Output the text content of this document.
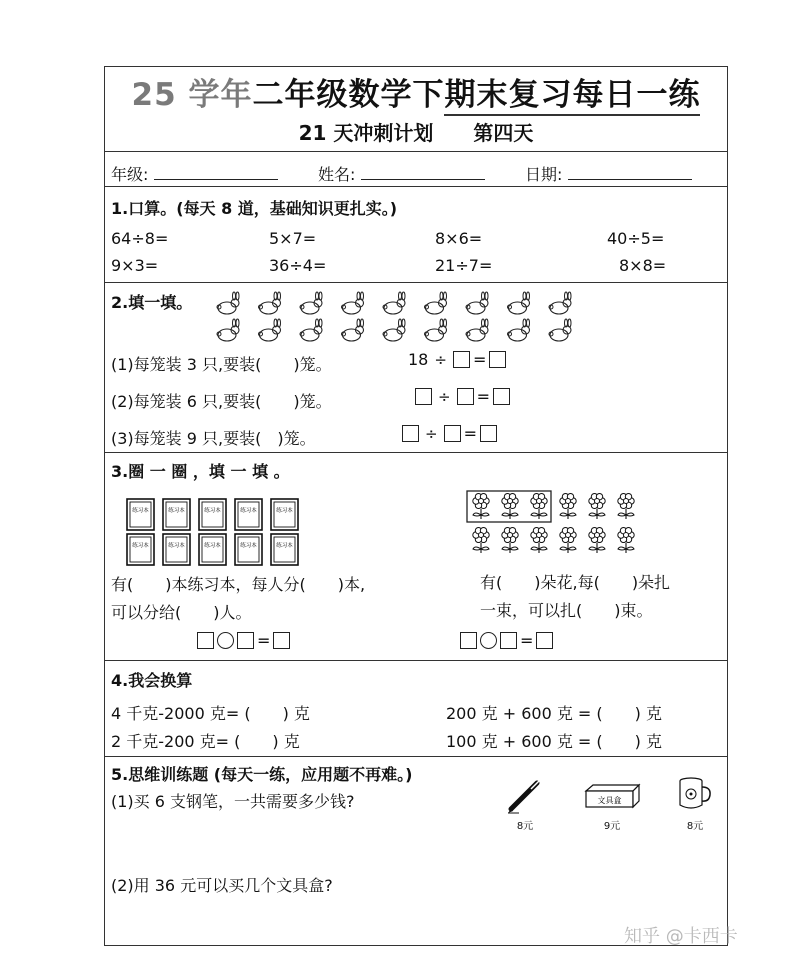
25 学年二年级数学下期末复习每日一练
21 天冲刺计划 第四天
年级:	姓名:	日期:
1.口算。(每天 8 道，基础知识更扎实。)
64÷8=	5×7=	8×6=	40÷5=
9×3=	36÷4=	21÷7=	8×8=
2.填一填。
(1)每笼装 3 只,要装(　　)笼。	18 ÷ =
(2)每笼装 6 只,要装(　　)笼。	÷ =
(3)每笼装 9 只,要装(　)笼。	÷ =
3.圈 一 圈 ，填 一 填 。
练习本	练习本	练习本	练习本	练习本
练习本	练习本	练习本	练习本	练习本
有(　　)本练习本，每人分(　　)本,
可以分给(　　)人。
有(　　)朵花,每(　　)朵扎
一束，可以扎(　　)束。
=	=
4.我会换算
4 千克-2000 克= (　　) 克	200 克 + 600 克 = (　　) 克
2 千克-200 克= (　　) 克	100 克 + 600 克 = (　　) 克
5.思维训练题 (每天一练，应用题不再难。)
(1)买 6 支钢笔，一共需要多少钱?
(2)用 36 元可以买几个文具盒?
8元
文具盒
9元	8元
知乎 @卡西卡
